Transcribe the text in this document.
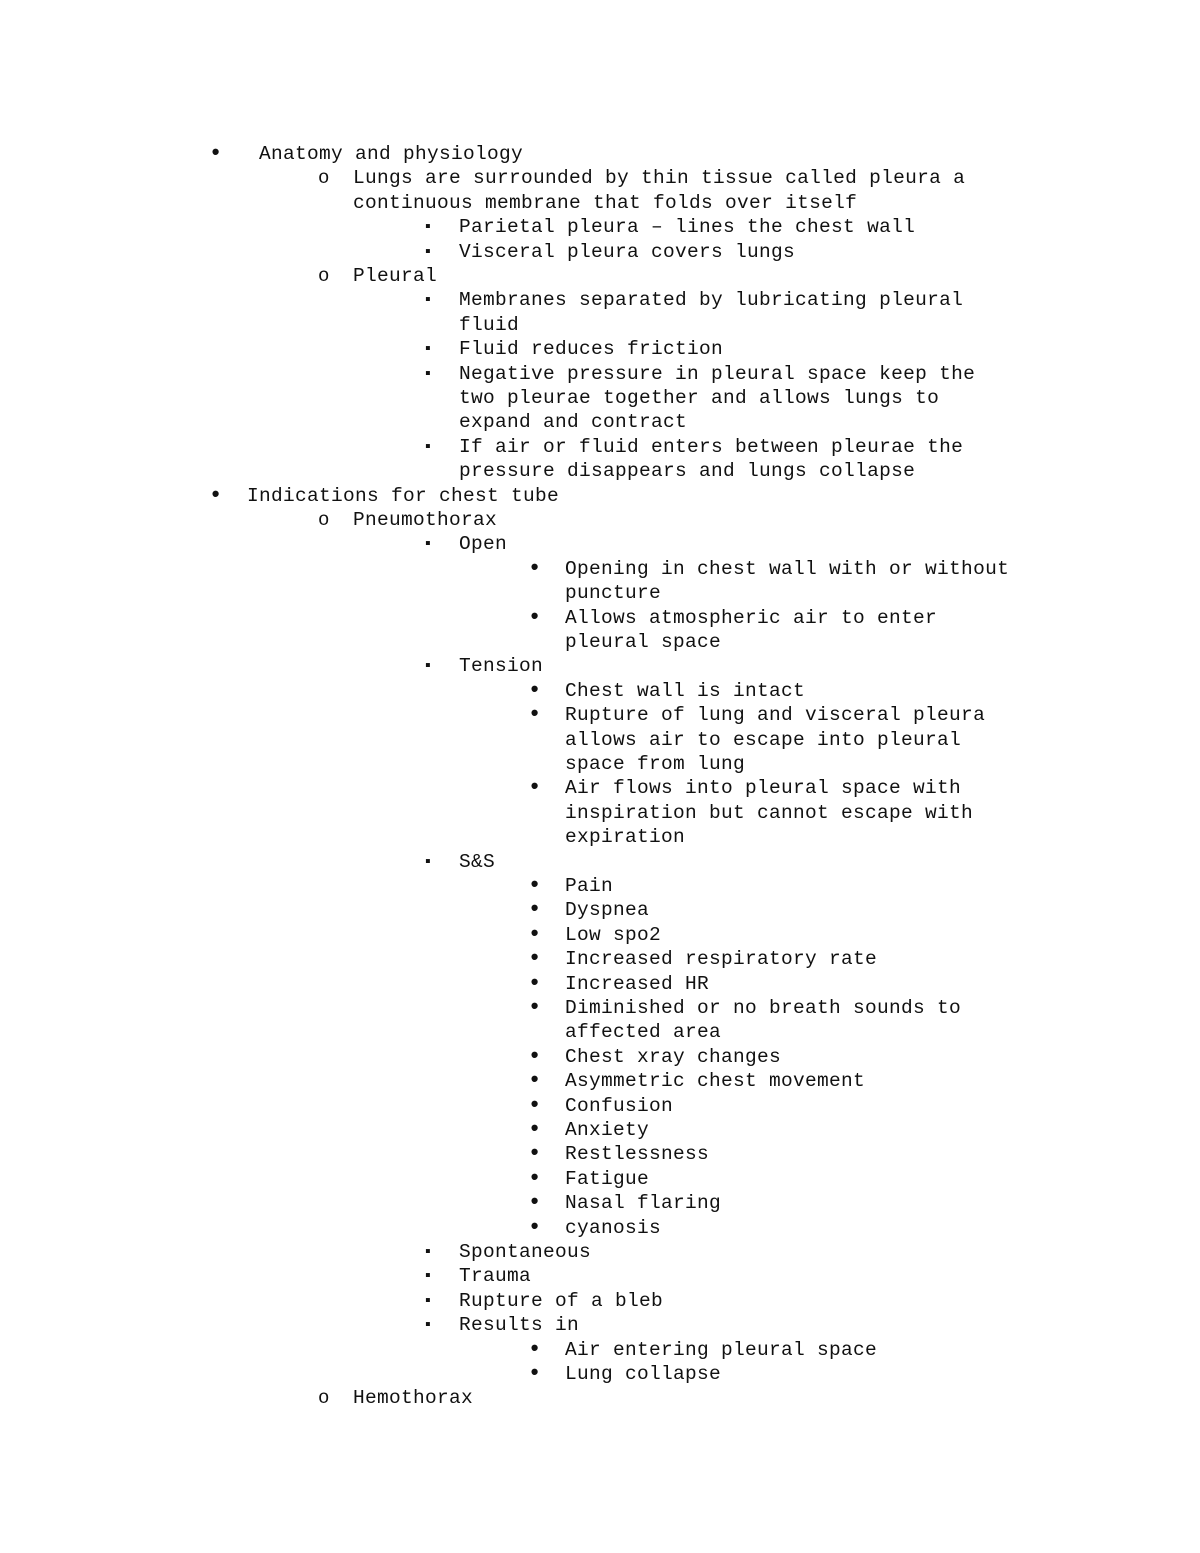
• Anatomy and physiology
o Lungs are surrounded by thin tissue called pleura a
continuous membrane that folds over itself
▪ Parietal pleura – lines the chest wall
▪ Visceral pleura covers lungs
o Pleural
▪ Membranes separated by lubricating pleural
fluid
▪ Fluid reduces friction
▪ Negative pressure in pleural space keep the
two pleurae together and allows lungs to
expand and contract
▪ If air or fluid enters between pleurae the
pressure disappears and lungs collapse
• Indications for chest tube
o Pneumothorax
▪ Open
• Opening in chest wall with or without
puncture
• Allows atmospheric air to enter
pleural space
▪ Tension
• Chest wall is intact
• Rupture of lung and visceral pleura
allows air to escape into pleural
space from lung
• Air flows into pleural space with
inspiration but cannot escape with
expiration
▪ S&S
• Pain
• Dyspnea
• Low spo2
• Increased respiratory rate
• Increased HR
• Diminished or no breath sounds to
affected area
• Chest xray changes
• Asymmetric chest movement
• Confusion
• Anxiety
• Restlessness
• Fatigue
• Nasal flaring
• cyanosis
▪ Spontaneous
▪ Trauma
▪ Rupture of a bleb
▪ Results in
• Air entering pleural space
• Lung collapse
o Hemothorax
